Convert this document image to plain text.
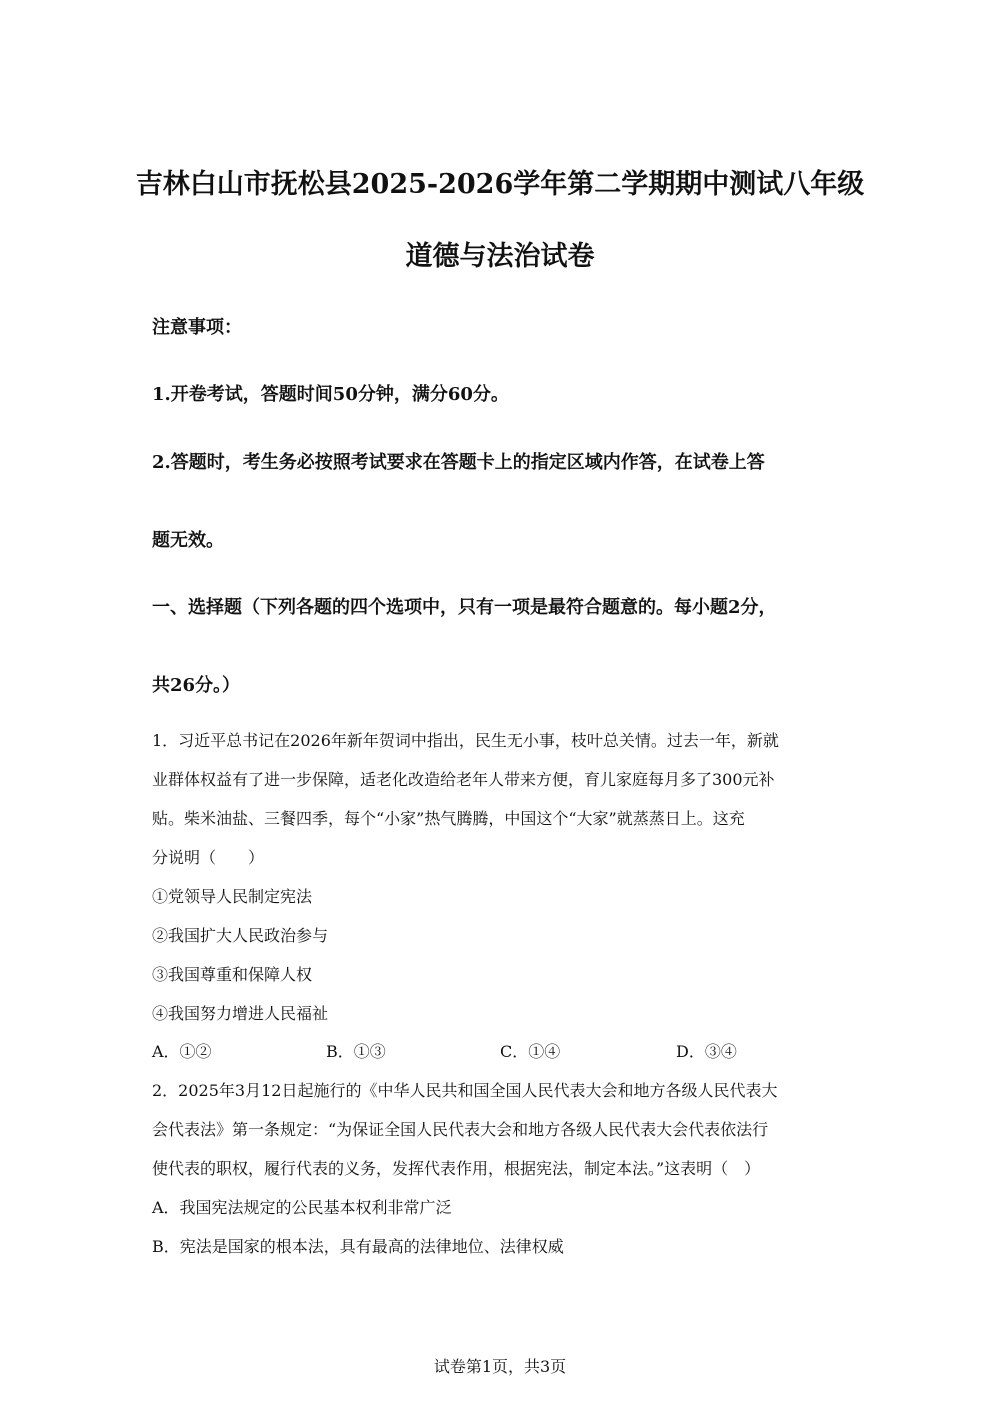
吉林白山市抚松县2025-2026学年第二学期期中测试八年级
道德与法治试卷
注意事项：
1.开卷考试，答题时间50分钟，满分60分。
2.答题时，考生务必按照考试要求在答题卡上的指定区域内作答，在试卷上答
题无效。
一、选择题（下列各题的四个选项中，只有一项是最符合题意的。每小题2分，
共26分。）
1．习近平总书记在2026年新年贺词中指出，民生无小事，枝叶总关情。过去一年，新就
业群体权益有了进一步保障，适老化改造给老年人带来方便，育儿家庭每月多了300元补
贴。柴米油盐、三餐四季，每个“小家”热气腾腾，中国这个“大家”就蒸蒸日上。这充
分说明（　　）
①党领导人民制定宪法
②我国扩大人民政治参与
③我国尊重和保障人权
④我国努力增进人民福祉
A．①②	B．①③	C．①④	D．③④
2．2025年3月12日起施行的《中华人民共和国全国人民代表大会和地方各级人民代表大
会代表法》第一条规定：“为保证全国人民代表大会和地方各级人民代表大会代表依法行
使代表的职权，履行代表的义务，发挥代表作用，根据宪法，制定本法。”这表明（　）
A．我国宪法规定的公民基本权利非常广泛
B．宪法是国家的根本法，具有最高的法律地位、法律权威
试卷第1页，共3页
